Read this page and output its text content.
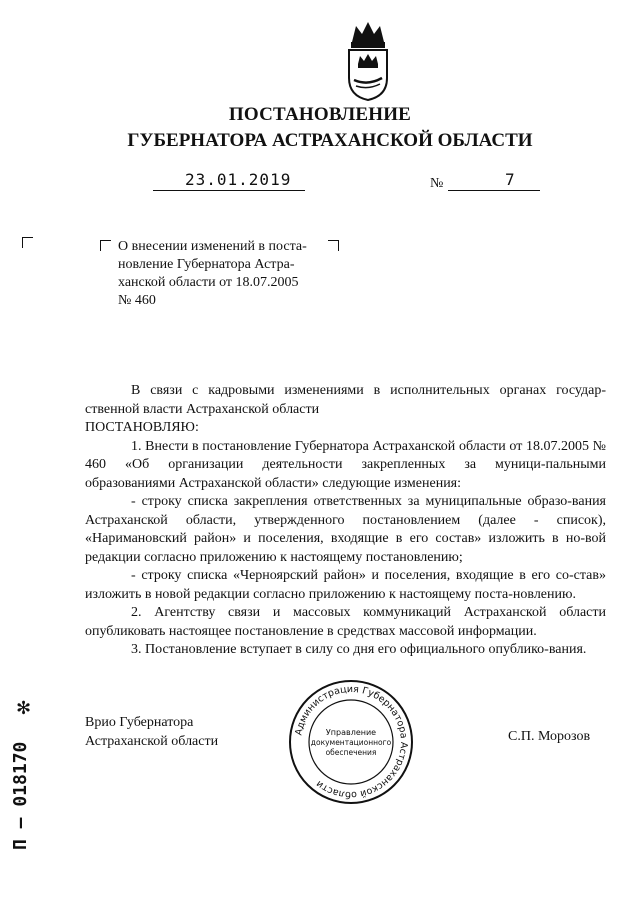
ПОСТАНОВЛЕНИЕ
ГУБЕРНАТОРА АСТРАХАНСКОЙ ОБЛАСТИ
23.01.2019	№	7
О внесении изменений в поста-
новление Губернатора Астра-
ханской области от 18.07.2005
№ 460

В связи с кадровыми изменениями в исполнительных органах государ-ственной власти Астраханской области

ПОСТАНОВЛЯЮ:

1. Внести в постановление Губернатора Астраханской области от 18.07.2005 № 460 «Об организации деятельности закрепленных за муници-пальными образованиями Астраханской области» следующие изменения:

- строку списка закрепления ответственных за муниципальные образо-вания Астраханской области, утвержденного постановлением (далее - список), «Наримановский район» и поселения, входящие в его состав» изложить в но-вой редакции согласно приложению к настоящему постановлению;

- строку списка «Черноярский район» и поселения, входящие в его со-став» изложить в новой редакции согласно приложению к настоящему поста-новлению.

2. Агентству связи и массовых коммуникаций Астраханской области опубликовать настоящее постановление в средствах массовой информации.

3. Постановление вступает в силу со дня его официального опублико-вания.

Врио Губернатора
Астраханской области	С.П. Морозов
Администрация Губернатора Астраханской области
Управление
документационного
обеспечения
П – 018170
✻
